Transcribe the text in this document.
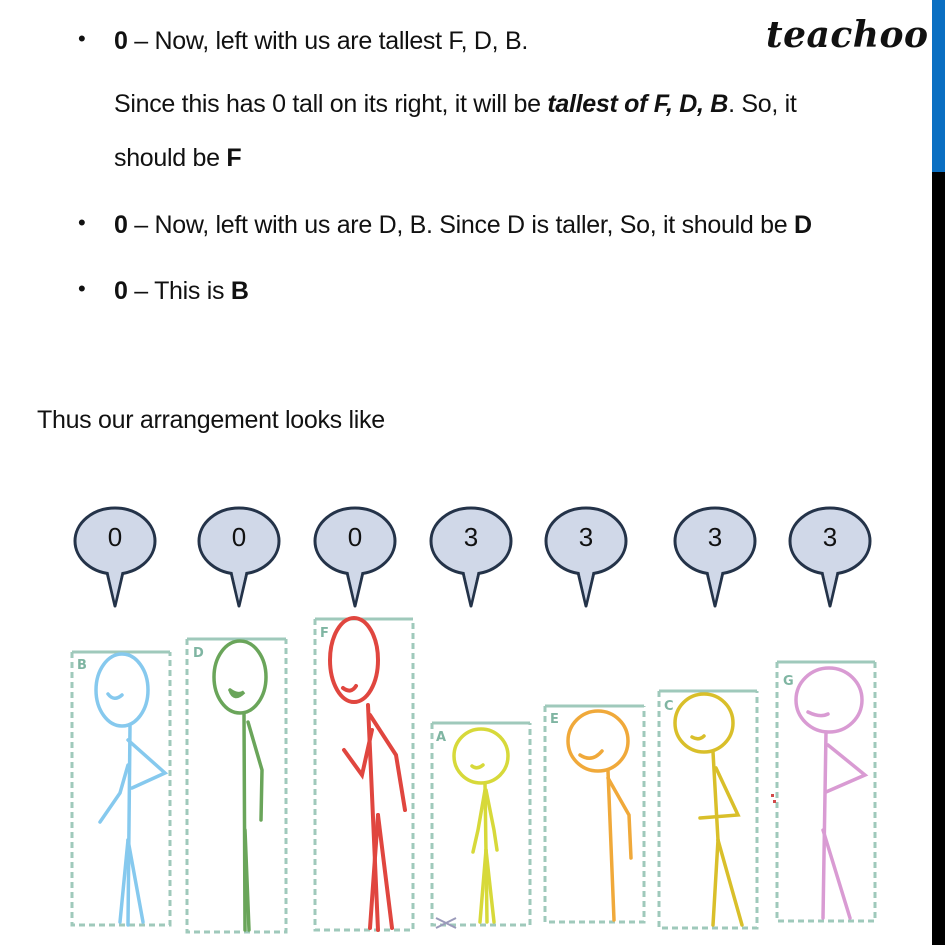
teachoo
• 0 – Now, left with us are tallest F, D, B.
Since this has 0 tall on its right, it will be tallest of F, D, B. So, it
should be F
• 0 – Now, left with us are D, B. Since D is taller, So, it should be D
• 0 – This is B
Thus our arrangement looks like
0	0	0	3	3	3	3
B
D
F
A
E
C
G
